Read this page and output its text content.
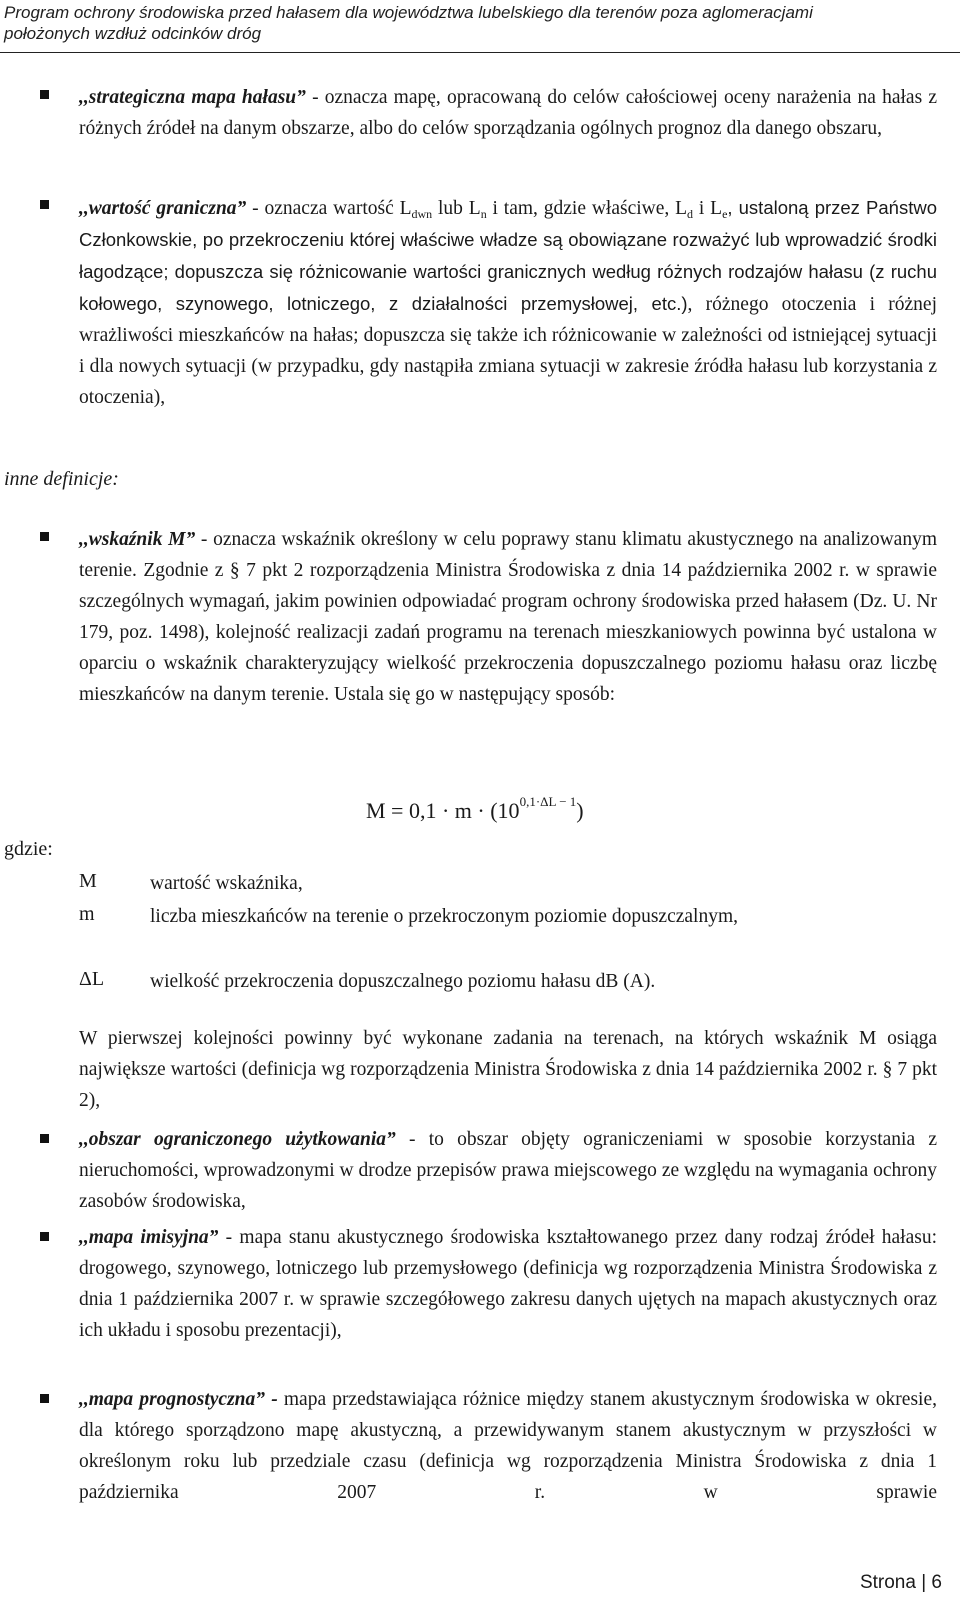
Program ochrony środowiska przed hałasem dla województwa lubelskiego dla terenów poza aglomeracjami
położonych wzdłuż odcinków dróg
,,strategiczna mapa hałasu” - oznacza mapę, opracowaną do celów całościowej oceny narażenia na hałas z różnych źródeł na danym obszarze, albo do celów sporządzania ogólnych prognoz dla danego obszaru,
,,wartość graniczna” - oznacza wartość $L_{dwn}$ lub $L_n$ i tam, gdzie właściwe, $L_d$ i $L_e$, ustaloną przez Państwo Członkowskie, po przekroczeniu której właściwe władze są obowiązane rozważyć lub wprowadzić środki łagodzące; dopuszcza się różnicowanie wartości granicznych według różnych rodzajów hałasu (z ruchu kołowego, szynowego, lotniczego, z działalności przemysłowej, etc.), różnego otoczenia i różnej wrażliwości mieszkańców na hałas; dopuszcza się także ich różnicowanie w zależności od istniejącej sytuacji i dla nowych sytuacji (w przypadku, gdy nastąpiła zmiana sytuacji w zakresie źródła hałasu lub korzystania z otoczenia),
inne definicje:
,,wskaźnik M” - oznacza wskaźnik określony w celu poprawy stanu klimatu akustycznego na analizowanym terenie. Zgodnie z § 7 pkt 2 rozporządzenia Ministra Środowiska z dnia 14 października 2002 r. w sprawie szczególnych wymagań, jakim powinien odpowiadać program ochrony środowiska przed hałasem (Dz. U. Nr 179, poz. 1498), kolejność realizacji zadań programu na terenach mieszkaniowych powinna być ustalona w oparciu o wskaźnik charakteryzujący wielkość przekroczenia dopuszczalnego poziomu hałasu oraz liczbę mieszkańców na danym terenie. Ustala się go w następujący sposób:
$M = 0,1 \cdot m \cdot (10^{0,1\cdot\Delta L - 1})$
gdzie:
M	wartość wskaźnika,
m	liczba mieszkańców na terenie o przekroczonym poziomie dopuszczalnym,
ΔL wielkość przekroczenia dopuszczalnego poziomu hałasu dB (A).
W pierwszej kolejności powinny być wykonane zadania na terenach, na których wskaźnik M osiąga największe wartości (definicja wg rozporządzenia Ministra Środowiska z dnia 14 października 2002 r. § 7 pkt 2),
,,obszar ograniczonego użytkowania” - to obszar objęty ograniczeniami w sposobie korzystania z nieruchomości, wprowadzonymi w drodze przepisów prawa miejscowego ze względu na wymagania ochrony zasobów środowiska,
,,mapa imisyjna” - mapa stanu akustycznego środowiska kształtowanego przez dany rodzaj źródeł hałasu: drogowego, szynowego, lotniczego lub przemysłowego (definicja wg rozporządzenia Ministra Środowiska z dnia 1 października 2007 r. w sprawie szczegółowego zakresu danych ujętych na mapach akustycznych oraz ich układu i sposobu prezentacji),
,,mapa prognostyczna” - mapa przedstawiająca różnice między stanem akustycznym środowiska w okresie, dla którego sporządzono mapę akustyczną, a przewidywanym stanem akustycznym w przyszłości w określonym roku lub przedziale czasu (definicja wg rozporządzenia Ministra Środowiska z dnia 1 października 2007 r. w sprawie
Strona | 6
